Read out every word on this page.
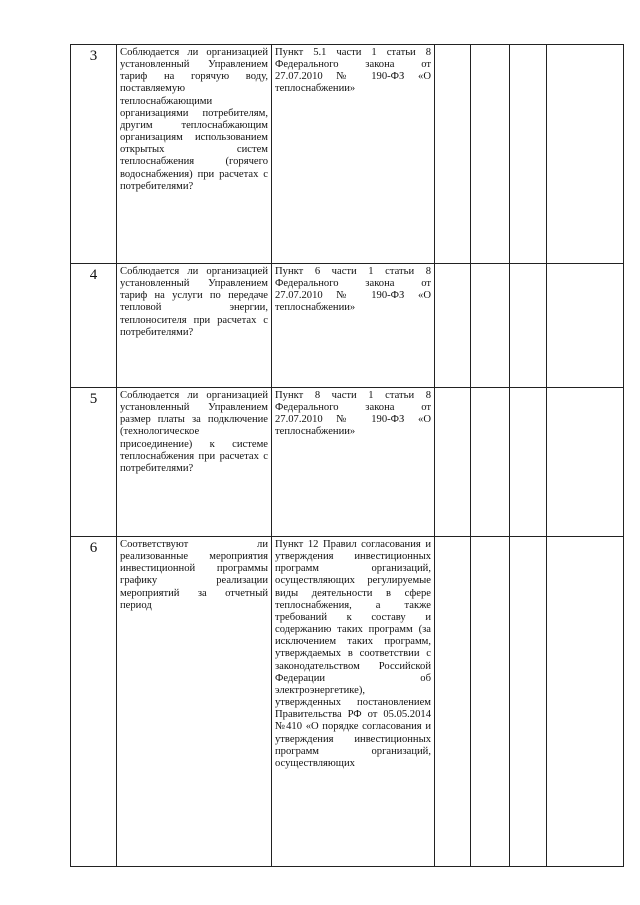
3	Соблюдается ли организацией установленный Управлением тариф на горячую воду, поставляемую теплоснабжающими организациями потребителям, другим теплоснабжающим организациям использованием открытых систем теплоснабжения (горячего водоснабжения) при расчетах с потребителями?	Пункт 5.1 части 1 статьи 8 Федерального закона от 27.07.2010 № 190-ФЗ «О теплоснабжении»				
4	Соблюдается ли организацией установленный Управлением тариф на услуги по передаче тепловой энергии, теплоносителя при расчетах с потребителями?	Пункт 6 части 1 статьи 8 Федерального закона от 27.07.2010 № 190-ФЗ «О теплоснабжении»				
5	Соблюдается ли организацией установленный Управлением размер платы за подключение (технологическое присоединение) к системе теплоснабжения при расчетах с потребителями?	Пункт 8 части 1 статьи 8 Федерального закона от 27.07.2010 № 190-ФЗ «О теплоснабжении»				
6	Соответствуют ли реализованные мероприятия инвестиционной программы графику реализации мероприятий за отчетный период	Пункт 12 Правил согласования и утверждения инвестиционных программ организаций, осуществляющих регулируемые виды деятельности в сфере теплоснабжения, а также требований к составу и содержанию таких программ (за исключением таких программ, утверждаемых в соответствии с законодательством Российской Федерации об электроэнергетике), утвержденных постановлением Правительства РФ от 05.05.2014 №410 «О порядке согласования и утверждения инвестиционных программ организаций, осуществляющих				
